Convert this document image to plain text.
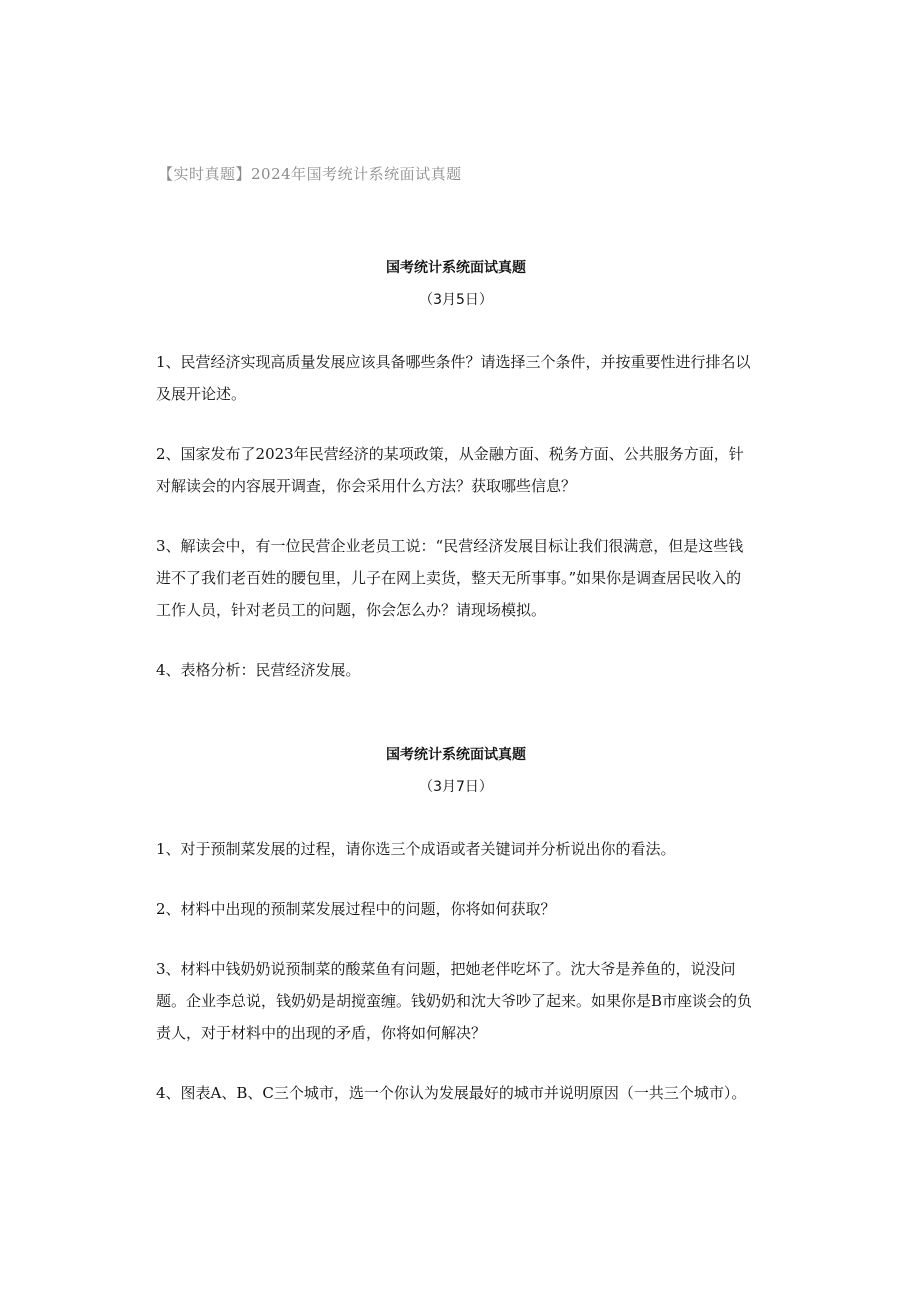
【实时真题】2024年国考统计系统面试真题
国考统计系统面试真题
（3月5日）
1、民营经济实现高质量发展应该具备哪些条件？请选择三个条件，并按重要性进行排名以及展开论述。
2、国家发布了2023年民营经济的某项政策，从金融方面、税务方面、公共服务方面，针对解读会的内容展开调查，你会采用什么方法？获取哪些信息？
3、解读会中，有一位民营企业老员工说：“民营经济发展目标让我们很满意，但是这些钱进不了我们老百姓的腰包里，儿子在网上卖货，整天无所事事。”如果你是调查居民收入的工作人员，针对老员工的问题，你会怎么办？请现场模拟。
4、表格分析：民营经济发展。
国考统计系统面试真题
（3月7日）
1、对于预制菜发展的过程，请你选三个成语或者关键词并分析说出你的看法。
2、材料中出现的预制菜发展过程中的问题，你将如何获取？
3、材料中钱奶奶说预制菜的酸菜鱼有问题，把她老伴吃坏了。沈大爷是养鱼的，说没问题。企业李总说，钱奶奶是胡搅蛮缠。钱奶奶和沈大爷吵了起来。如果你是B市座谈会的负责人，对于材料中的出现的矛盾，你将如何解决？
4、图表A、B、C三个城市，选一个你认为发展最好的城市并说明原因（一共三个城市）。
